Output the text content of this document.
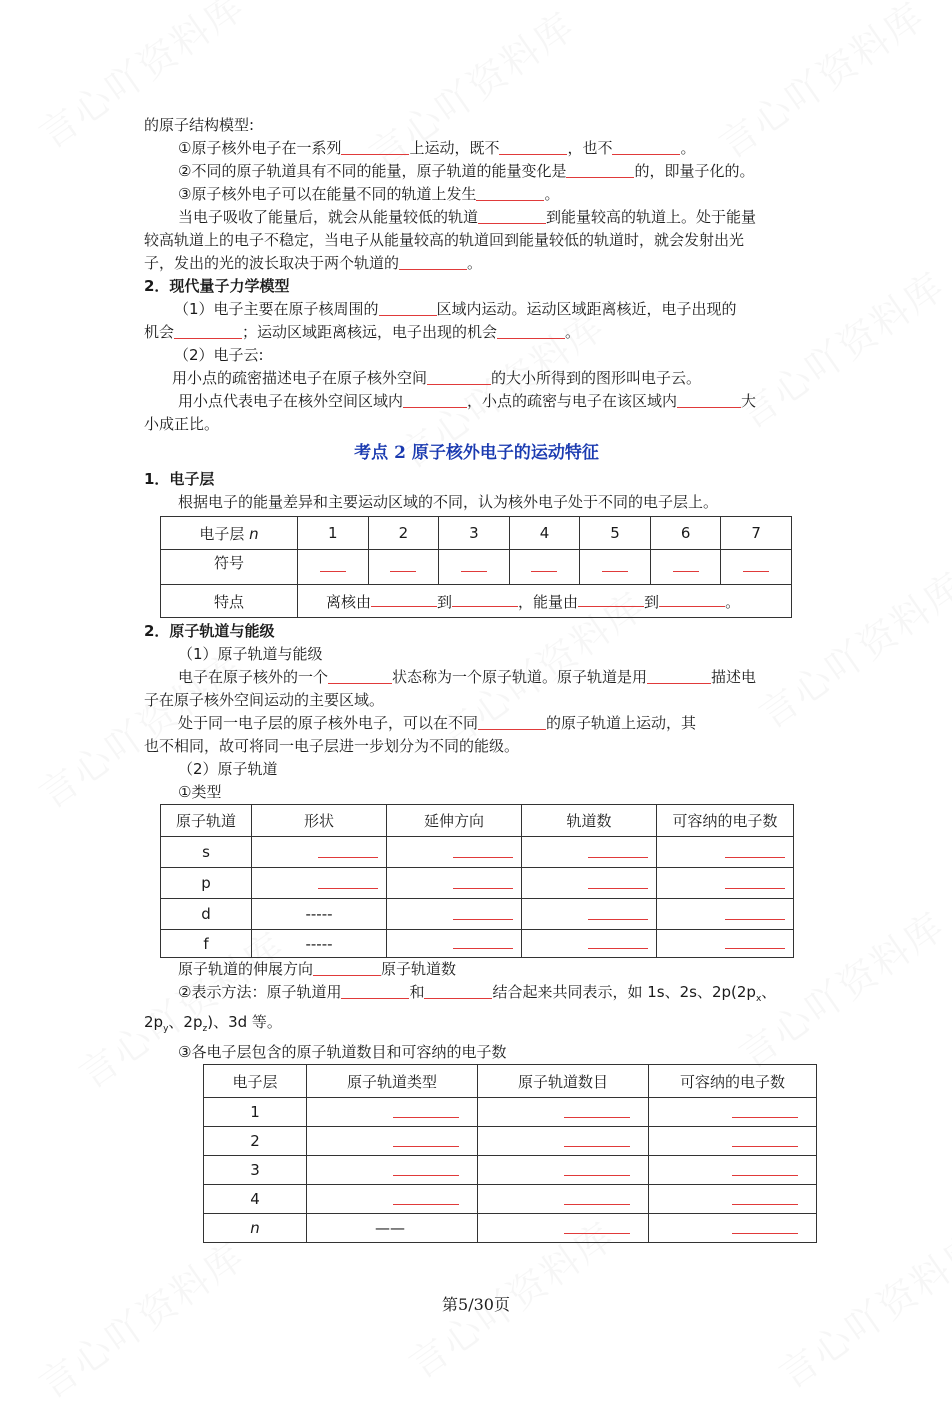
的原子结构模型:

①原子核外电子在一系列	上运动，既不	，也不	。

②不同的原子轨道具有不同的能量，原子轨道的能量变化是	的，即量子化的。

③原子核外电子可以在能量不同的轨道上发生	。

当电子吸收了能量后，就会从能量较低的轨道	到能量较高的轨道上。处于能量

较高轨道上的电子不稳定，当电子从能量较高的轨道回到能量较低的轨道时，就会发射出光

子，发出的光的波长取决于两个轨道的	。

2．现代量子力学模型

（1）电子主要在原子核周围的	区域内运动。运动区域距离核近，电子出现的

机会	；运动区域距离核远，电子出现的机会	。

（2）电子云:

用小点的疏密描述电子在原子核外空间	的大小所得到的图形叫电子云。

用小点代表电子在核外空间区域内	，小点的疏密与电子在该区域内	大

小成正比。

考点 2 原子核外电子的运动特征

1．电子层

根据电子的能量差异和主要运动区域的不同，认为核外电子处于不同的电子层上。

电子层 n	1	2	3	4	5	6	7
符号							
特点	离核由 到 ，能量由 到 。						

2．原子轨道与能级

（1）原子轨道与能级

电子在原子核外的一个	状态称为一个原子轨道。原子轨道是用	描述电

子在原子核外空间运动的主要区域。

处于同一电子层的原子核外电子，可以在不同	的原子轨道上运动，其

也不相同，故可将同一电子层进一步划分为不同的能级。

（2）原子轨道

①类型

原子轨道	形状	延伸方向	轨道数	可容纳的电子数
s				
p				
d	-----			
f	-----			

原子轨道的伸展方向	原子轨道数

②表示方法：原子轨道用	和	结合起来共同表示，如 1s、2s、$2p(2p_x$、

$2p_y$、$2p_z$)、3d 等。

③各电子层包含的原子轨道数目和可容纳的电子数

电子层	原子轨道类型	原子轨道数目	可容纳的电子数
1			
2			
3			
4			
n	——		
第5/30页
